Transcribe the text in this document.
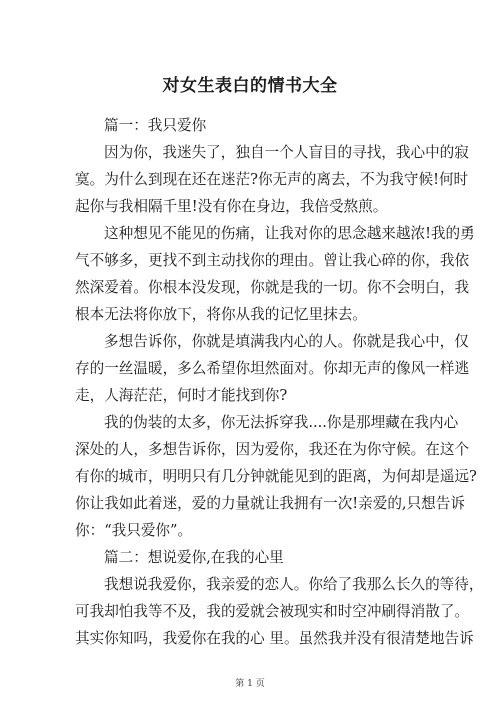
对女生表白的情书大全
篇一：我只爱你
因为你，我迷失了，独自一个人盲目的寻找，我心中的寂
寞。为什么到现在还在迷茫?你无声的离去，不为我守候!何时
起你与我相隔千里!没有你在身边，我倍受熬煎。
这种想见不能见的伤痛，让我对你的思念越来越浓!我的勇
气不够多，更找不到主动找你的理由。曾让我心碎的你，我依
然深爱着。你根本没发现，你就是我的一切。你不会明白，我
根本无法将你放下，将你从我的记忆里抹去。
多想告诉你，你就是填满我内心的人。你就是我心中，仅
存的一丝温暖，多么希望你坦然面对。你却无声的像风一样逃
走，人海茫茫，何时才能找到你?
我的伪装的太多，你无法拆穿我....你是那埋藏在我内心
深处的人，多想告诉你，因为爱你，我还在为你守候。在这个
有你的城市，明明只有几分钟就能见到的距离，为何却是遥远?
你让我如此着迷，爱的力量就让我拥有一次!亲爱的,只想告诉
你：“我只爱你”。
篇二：想说爱你,在我的心里
我想说我爱你，我亲爱的恋人。你给了我那么长久的等待，
可我却怕我等不及，我的爱就会被现实和时空冲刷得消散了。
其实你知吗，我爱你在我的心 里。虽然我并没有很清楚地告诉
第 1 页
